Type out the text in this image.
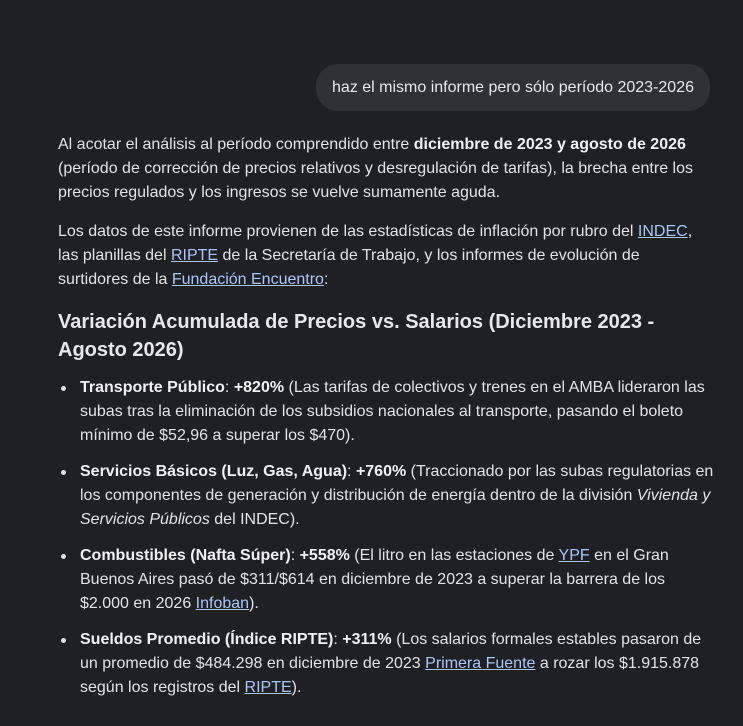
haz el mismo informe pero sólo período 2023-2026

Al acotar el análisis al período comprendido entre diciembre de 2023 y agosto de 2026 (período de corrección de precios relativos y desregulación de tarifas), la brecha entre los precios regulados y los ingresos se vuelve sumamente aguda.

Los datos de este informe provienen de las estadísticas de inflación por rubro del INDEC, las planillas del RIPTE de la Secretaría de Trabajo, y los informes de evolución de surtidores de la Fundación Encuentro:

Variación Acumulada de Precios vs. Salarios (Diciembre 2023 - Agosto 2026)
Transporte Público: +820% (Las tarifas de colectivos y trenes en el AMBA lideraron las subas tras la eliminación de los subsidios nacionales al transporte, pasando el boleto mínimo de $52,96 a superar los $470).
Servicios Básicos (Luz, Gas, Agua): +760% (Traccionado por las subas regulatorias en los componentes de generación y distribución de energía dentro de la división Vivienda y Servicios Públicos del INDEC).
Combustibles (Nafta Súper): +558% (El litro en las estaciones de YPF en el Gran Buenos Aires pasó de $311/$614 en diciembre de 2023 a superar la barrera de los $2.000 en 2026 Infoban).
Sueldos Promedio (Índice RIPTE): +311% (Los salarios formales estables pasaron de un promedio de $484.298 en diciembre de 2023 Primera Fuente a rozar los $1.915.878 según los registros del RIPTE).
